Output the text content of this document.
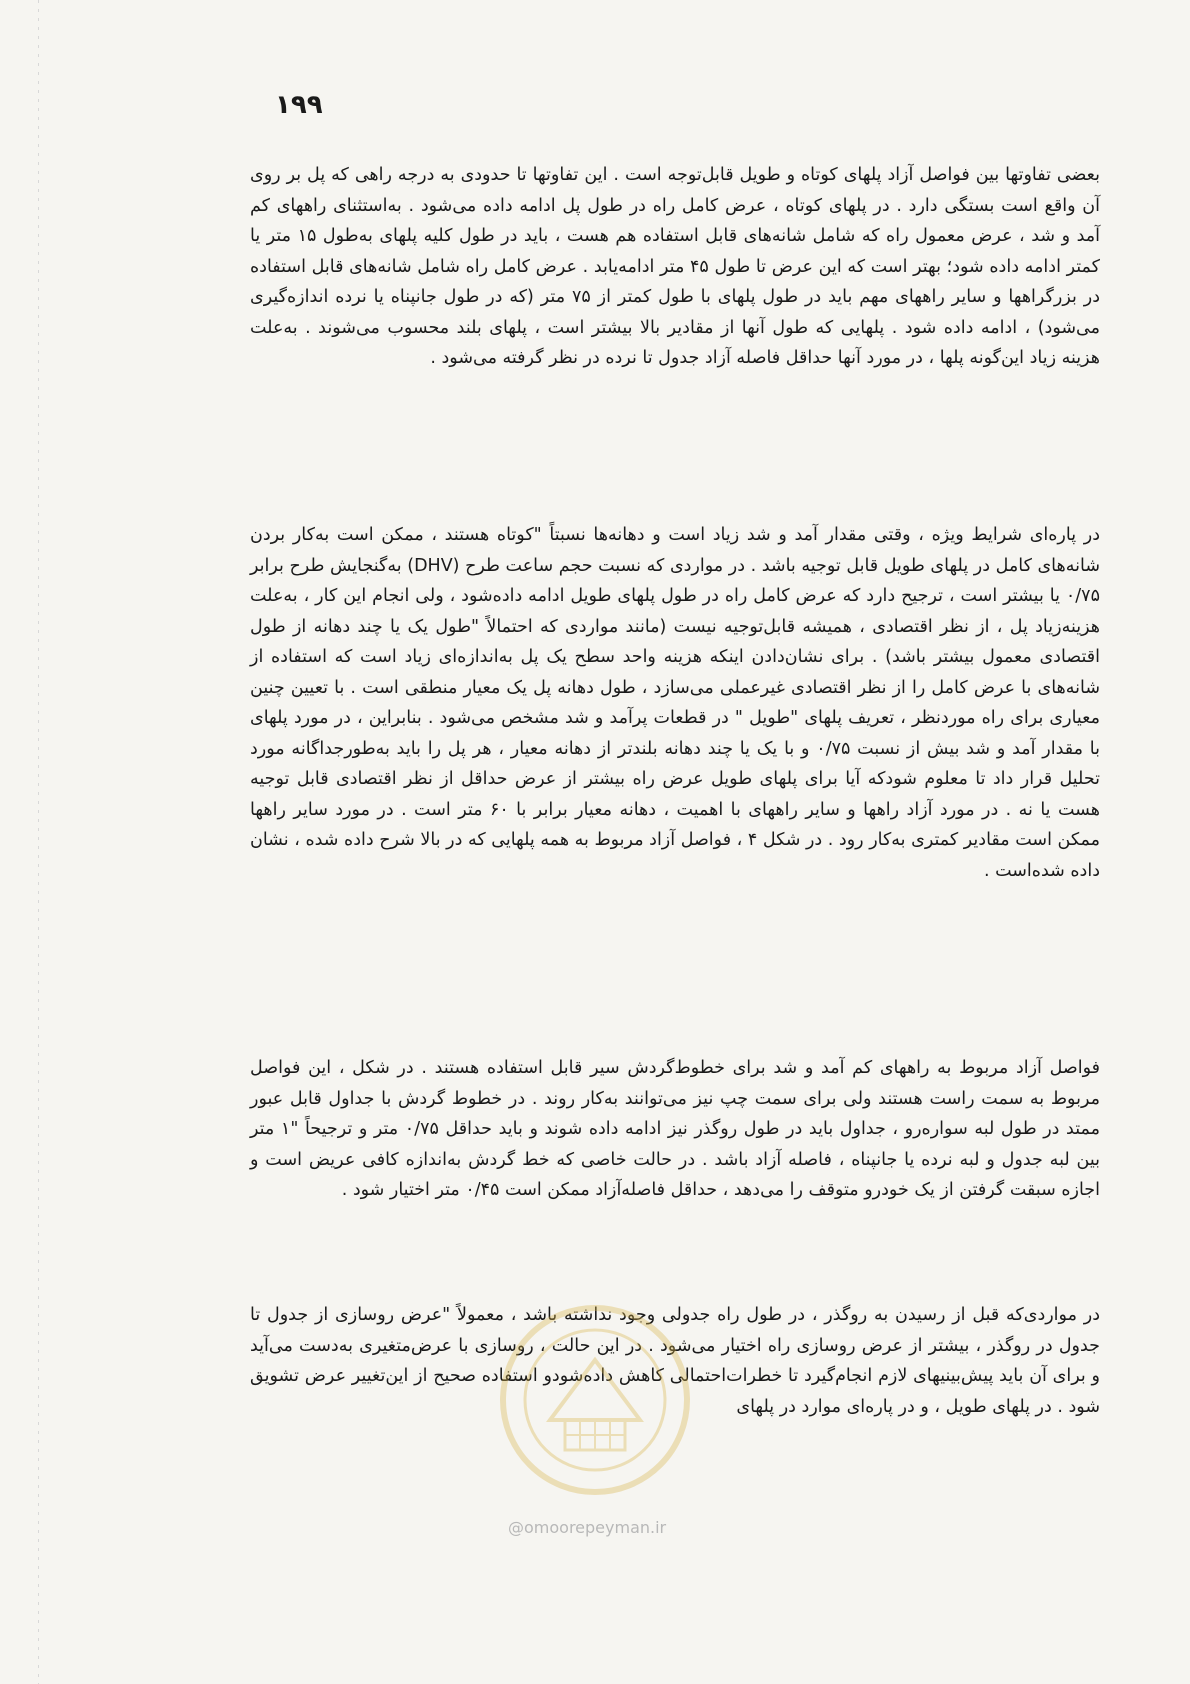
۱۹۹

بعضی تفاوتها بین فواصل آزاد پلهای کوتاه و طویل قابل‌توجه است . این تفاوتها تا حدودی به درجه راهی که پل بر روی آن واقع است بستگی دارد . در پلهای کوتاه ، عرض کامل راه در طول پل ادامه داده می‌شود . به‌استثنای راههای کم آمد و شد ، عرض معمول راه که شامل شانه‌های قابل استفاده هم هست ، باید در طول کلیه پلهای به‌طول ۱۵ متر یا کمتر ادامه داده شود؛ بهتر است که این عرض تا طول ۴۵ متر ادامه‌یابد . عرض کامل راه شامل شانه‌های قابل استفاده در بزرگراهها و سایر راههای مهم باید در طول پلهای با طول کمتر از ۷۵ متر (که در طول جانپناه یا نرده اندازه‌گیری می‌شود) ، ادامه داده شود . پلهایی که طول آنها از مقادیر بالا بیشتر است ، پلهای بلند محسوب می‌شوند . به‌علت هزینه زیاد این‌گونه پلها ، در مورد آنها حداقل فاصله آزاد جدول تا نرده در نظر گرفته می‌شود .

در پاره‌ای شرایط ویژه ، وقتی مقدار آمد و شد زیاد است و دهانه‌ها نسبتاً "کوتاه هستند ، ممکن است به‌کار بردن شانه‌های کامل در پلهای طویل قابل توجیه باشد . در مواردی که نسبت حجم ساعت طرح (DHV) به‌گنجایش طرح برابر ۰/۷۵ یا بیشتر است ، ترجیح دارد که عرض کامل راه در طول پلهای طویل ادامه داده‌شود ، ولی انجام این کار ، به‌علت هزینه‌زیاد پل ، از نظر اقتصادی ، همیشه قابل‌توجیه نیست (مانند مواردی که احتمالاً "طول یک یا چند دهانه از طول اقتصادی معمول بیشتر باشد) . برای نشان‌دادن اینکه هزینه واحد سطح یک پل به‌اندازه‌ای زیاد است که استفاده از شانه‌های با عرض کامل را از نظر اقتصادی غیرعملی می‌سازد ، طول دهانه پل یک معیار منطقی است . با تعیین چنین معیاری برای راه موردنظر ، تعریف پلهای "طویل " در قطعات پرآمد و شد مشخص می‌شود . بنابراین ، در مورد پلهای با مقدار آمد و شد بیش از نسبت ۰/۷۵ و با یک یا چند دهانه بلندتر از دهانه معیار ، هر پل را باید به‌طورجداگانه مورد تحلیل قرار داد تا معلوم شودکه آیا برای پلهای طویل عرض راه بیشتر از عرض حداقل از نظر اقتصادی قابل توجیه هست یا نه . در مورد آزاد راهها و سایر راههای با اهمیت ، دهانه معیار برابر با ۶۰ متر است . در مورد سایر راهها ممکن است مقادیر کمتری به‌کار رود . در شکل ۴ ، فواصل آزاد مربوط به همه پلهایی که در بالا شرح داده شده ، نشان داده شده‌است .

فواصل آزاد مربوط به راههای کم آمد و شد برای خطوط‌گردش سیر قابل استفاده هستند . در شکل ، این فواصل مربوط به سمت راست هستند ولی برای سمت چپ نیز می‌توانند به‌کار روند . در خطوط گردش با جداول قابل عبور ممتد در طول لبه سواره‌رو ، جداول باید در طول روگذر نیز ادامه داده شوند و باید حداقل ۰/۷۵ متر و ترجیحاً "۱ متر بین لبه جدول و لبه نرده یا جانپناه ، فاصله آزاد باشد . در حالت خاصی که خط گردش به‌اندازه کافی عریض است و اجازه سبقت گرفتن از یک خودرو متوقف را می‌دهد ، حداقل فاصله‌آزاد ممکن است ۰/۴۵ متر اختیار شود .

در مواردی‌که قبل از رسیدن به روگذر ، در طول راه جدولی وجود نداشته باشد ، معمولاً "عرض روسازی از جدول تا جدول در روگذر ، بیشتر از عرض روسازی راه اختیار می‌شود . در این حالت ، روسازی با عرض‌متغیری به‌دست می‌آید و برای آن باید پیش‌بینیهای لازم انجام‌گیرد تا خطرات‌احتمالی کاهش داده‌شودو استفاده صحیح از این‌تغییر عرض تشویق شود . در پلهای طویل ، و در پاره‌ای موارد در پلهای

@omoorepeyman.ir
